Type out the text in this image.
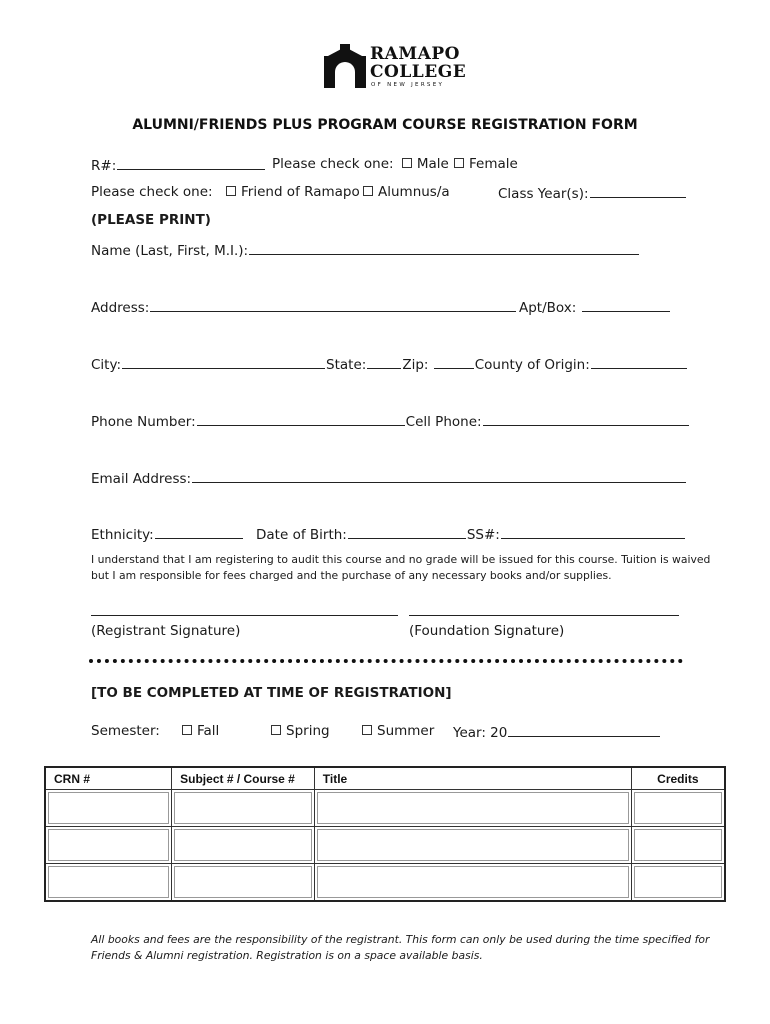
RAMAPO
COLLEGE
OF NEW JERSEY
ALUMNI/FRIENDS PLUS PROGRAM COURSE REGISTRATION FORM
R#:	Please check one: Male	Female
Please check one:	Friend of Ramapo	Alumnus/a	Class Year(s):
(PLEASE PRINT)
Name (Last, First, M.I.):
Address:	Apt/Box:
City:	State:	Zip:	County of Origin:
Phone Number:	Cell Phone:
Email Address:
Ethnicity:	Date of Birth:	SS#:
I understand that I am registering to audit this course and no grade will be issued for this course. Tuition is waived
but I am responsible for fees charged and the purchase of any necessary books and/or supplies.
(Registrant Signature)	(Foundation Signature)
[TO BE COMPLETED AT TIME OF REGISTRATION]
Semester:	Fall	Spring	Summer Year: 20
CRN #	Subject # / Course #	Title	Credits

All books and fees are the responsibility of the registrant. This form can only be used during the time specified for
Friends & Alumni registration. Registration is on a space available basis.
